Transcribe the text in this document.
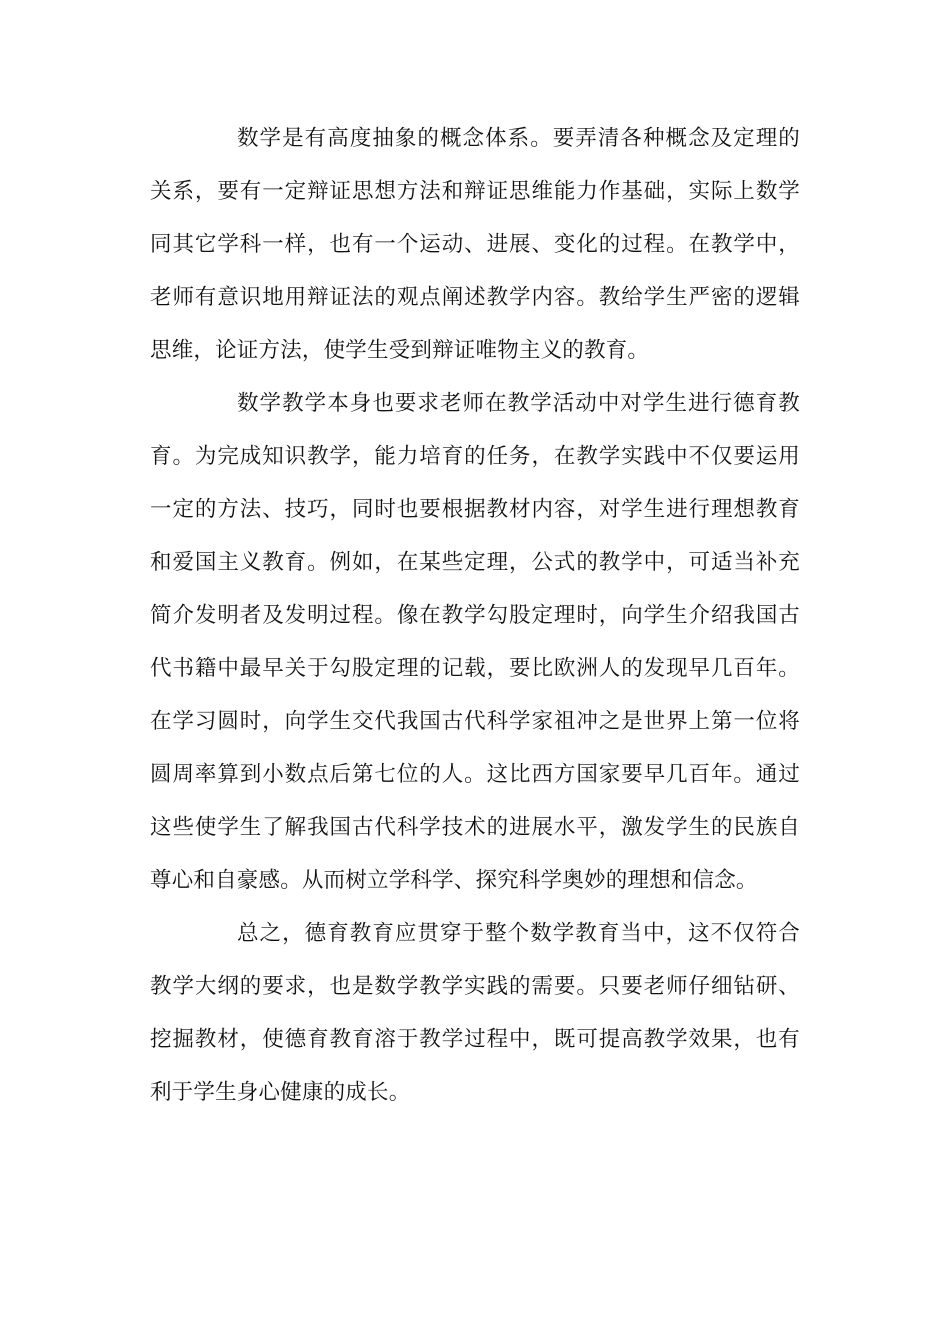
数学是有高度抽象的概念体系。要弄清各种概念及定理的关系，要有一定辩证思想方法和辩证思维能力作基础，实际上数学同其它学科一样，也有一个运动、进展、变化的过程。在教学中，老师有意识地用辩证法的观点阐述教学内容。教给学生严密的逻辑思维，论证方法，使学生受到辩证唯物主义的教育。

数学教学本身也要求老师在教学活动中对学生进行德育教育。为完成知识教学，能力培育的任务，在教学实践中不仅要运用一定的方法、技巧，同时也要根据教材内容，对学生进行理想教育和爱国主义教育。例如，在某些定理，公式的教学中，可适当补充简介发明者及发明过程。像在教学勾股定理时，向学生介绍我国古代书籍中最早关于勾股定理的记载，要比欧洲人的发现早几百年。在学习圆时，向学生交代我国古代科学家祖冲之是世界上第一位将圆周率算到小数点后第七位的人。这比西方国家要早几百年。通过这些使学生了解我国古代科学技术的进展水平，激发学生的民族自尊心和自豪感。从而树立学科学、探究科学奥妙的理想和信念。

总之，德育教育应贯穿于整个数学教育当中，这不仅符合教学大纲的要求，也是数学教学实践的需要。只要老师仔细钻研、挖掘教材，使德育教育溶于教学过程中，既可提高教学效果，也有利于学生身心健康的成长。
